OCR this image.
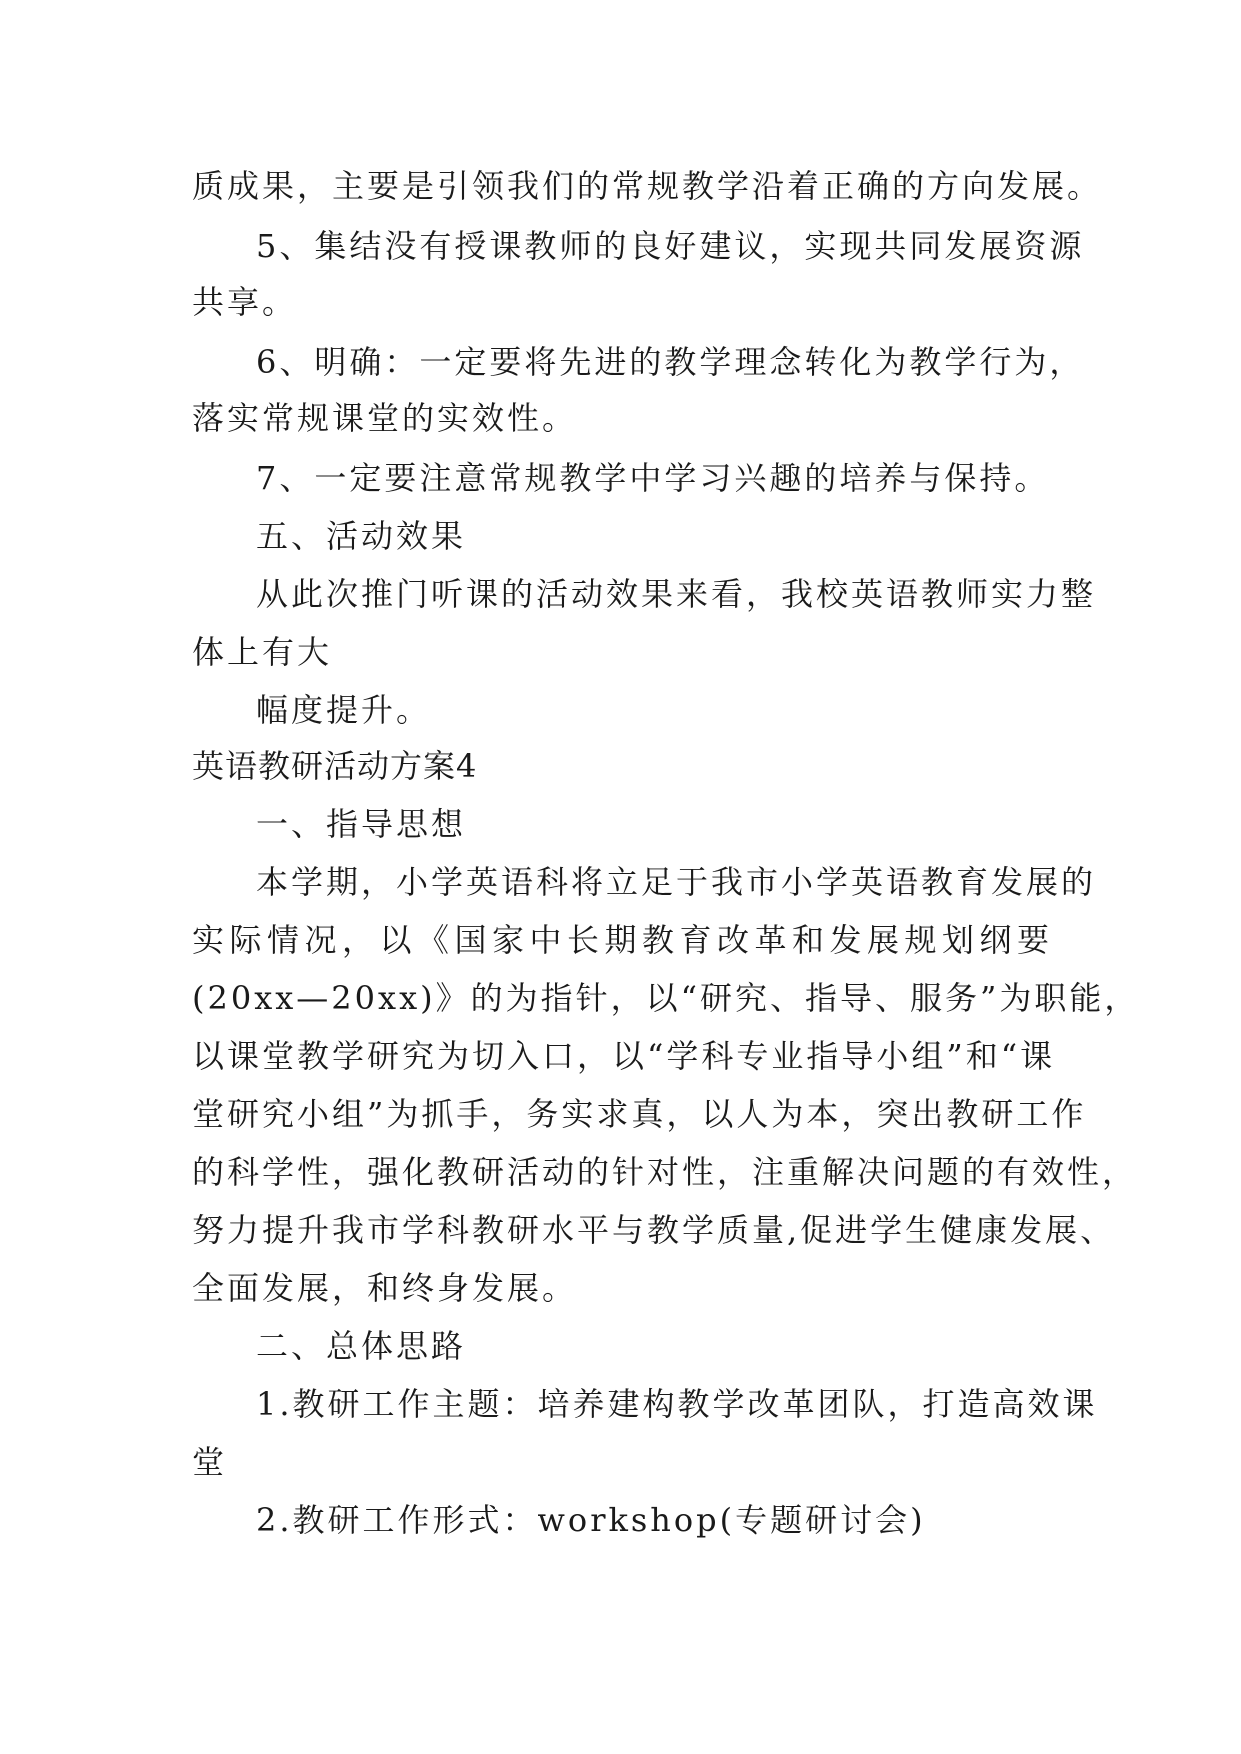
质成果，主要是引领我们的常规教学沿着正确的方向发展。
5、集结没有授课教师的良好建议，实现共同发展资源
共享。
6、明确：一定要将先进的教学理念转化为教学行为，
落实常规课堂的实效性。
7、一定要注意常规教学中学习兴趣的培养与保持。
五、活动效果
从此次推门听课的活动效果来看，我校英语教师实力整
体上有大
幅度提升。
英语教研活动方案4
一、指导思想
本学期，小学英语科将立足于我市小学英语教育发展的
实际情况，以《国家中长期教育改革和发展规划纲要
(20xx—20xx)》的为指针，以“研究、指导、服务”为职能，
以课堂教学研究为切入口，以“学科专业指导小组”和“课
堂研究小组”为抓手，务实求真，以人为本，突出教研工作
的科学性，强化教研活动的针对性，注重解决问题的有效性，
努力提升我市学科教研水平与教学质量,促进学生健康发展、
全面发展，和终身发展。
二、总体思路
1.教研工作主题：培养建构教学改革团队，打造高效课
堂
2.教研工作形式：workshop(专题研讨会)
